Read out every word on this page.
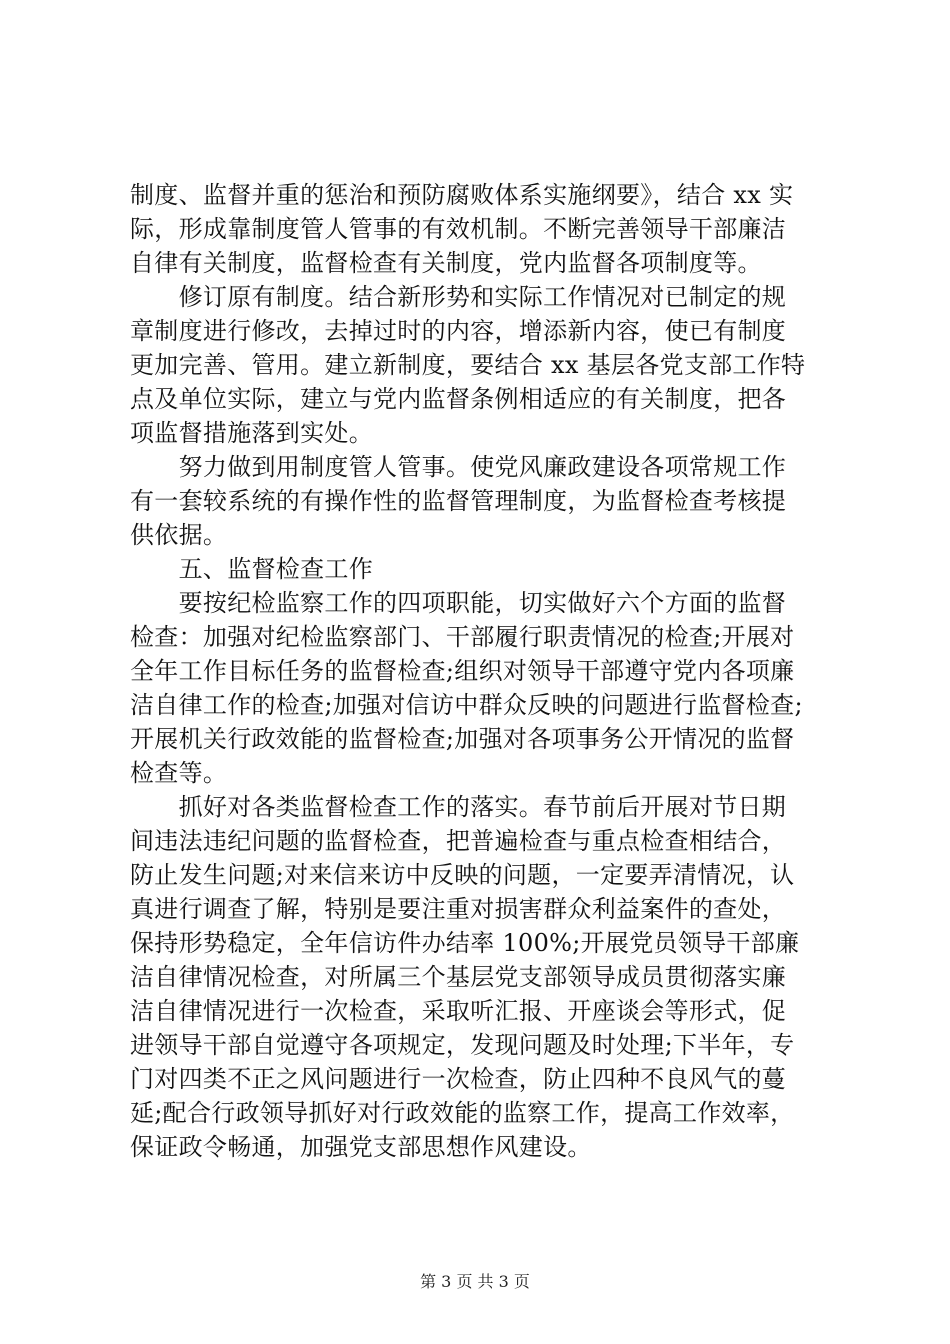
制度、监督并重的惩治和预防腐败体系实施纲要》，结合 xx 实
际，形成靠制度管人管事的有效机制。不断完善领导干部廉洁
自律有关制度，监督检查有关制度，党内监督各项制度等。
　　修订原有制度。结合新形势和实际工作情况对已制定的规
章制度进行修改，去掉过时的内容，增添新内容，使已有制度
更加完善、管用。建立新制度，要结合 xx 基层各党支部工作特
点及单位实际，建立与党内监督条例相适应的有关制度，把各
项监督措施落到实处。
　　努力做到用制度管人管事。使党风廉政建设各项常规工作
有一套较系统的有操作性的监督管理制度，为监督检查考核提
供依据。
　　五、监督检查工作
　　要按纪检监察工作的四项职能，切实做好六个方面的监督
检查：加强对纪检监察部门、干部履行职责情况的检查;开展对
全年工作目标任务的监督检查;组织对领导干部遵守党内各项廉
洁自律工作的检查;加强对信访中群众反映的问题进行监督检查;
开展机关行政效能的监督检查;加强对各项事务公开情况的监督
检查等。
　　抓好对各类监督检查工作的落实。春节前后开展对节日期
间违法违纪问题的监督检查，把普遍检查与重点检查相结合，
防止发生问题;对来信来访中反映的问题，一定要弄清情况，认
真进行调查了解，特别是要注重对损害群众利益案件的查处，
保持形势稳定，全年信访件办结率 100%;开展党员领导干部廉
洁自律情况检查，对所属三个基层党支部领导成员贯彻落实廉
洁自律情况进行一次检查，采取听汇报、开座谈会等形式，促
进领导干部自觉遵守各项规定，发现问题及时处理;下半年，专
门对四类不正之风问题进行一次检查，防止四种不良风气的蔓
延;配合行政领导抓好对行政效能的监察工作，提高工作效率，
保证政令畅通，加强党支部思想作风建设。
第 3 页 共 3 页
